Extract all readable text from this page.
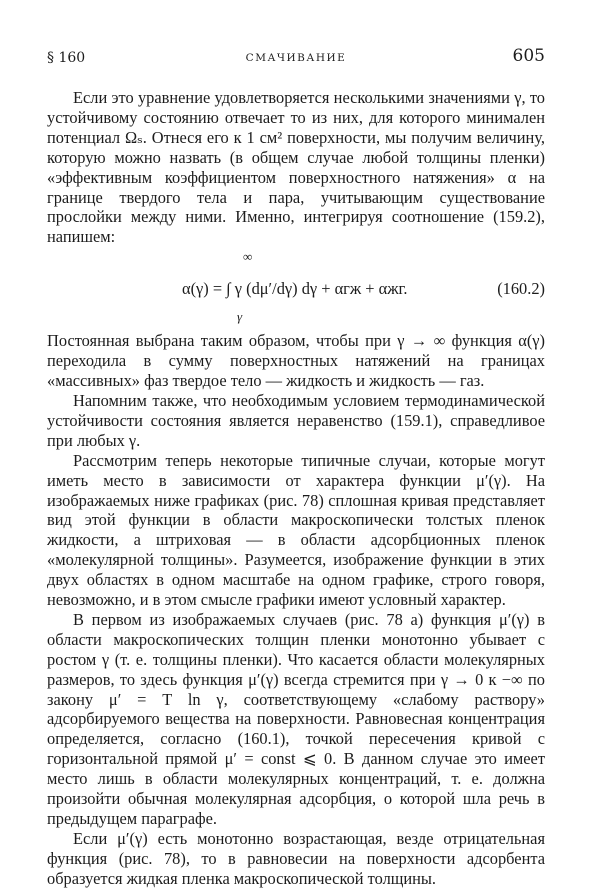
§ 160	СМАЧИВАНИЕ	605

Если это уравнение удовлетворяется несколькими значениями γ, то устойчивому состоянию отвечает то из них, для которого минимален потенциал Ωₛ. Отнеся его к 1 см² поверхности, мы получим величину, которую можно назвать (в общем случае любой толщины пленки) «эффективным коэффициентом поверхностного натяжения» α на границе твердого тела и пара, учитывающим существование прослойки между ними. Именно, интегрируя соотношение (159.2), напишем:

∞
α(γ) = ∫ γ (dμ′/dγ) dγ + αгж + αжг.
γ
(160.2)

Постоянная выбрана таким образом, чтобы при γ → ∞ функция α(γ) переходила в сумму поверхностных натяжений на границах «массивных» фаз твердое тело — жидкость и жидкость — газ.

Напомним также, что необходимым условием термодинамической устойчивости состояния является неравенство (159.1), справедливое при любых γ.

Рассмотрим теперь некоторые типичные случаи, которые могут иметь место в зависимости от характера функции μ′(γ). На изображаемых ниже графиках (рис. 78) сплошная кривая представляет вид этой функции в области макроскопически толстых пленок жидкости, а штриховая — в области адсорбционных пленок «молекулярной толщины». Разумеется, изображение функции в этих двух областях в одном масштабе на одном графике, строго говоря, невозможно, и в этом смысле графики имеют условный характер.

В первом из изображаемых случаев (рис. 78 а) функция μ′(γ) в области макроскопических толщин пленки монотонно убывает с ростом γ (т. е. толщины пленки). Что касается области молекулярных размеров, то здесь функция μ′(γ) всегда стремится при γ → 0 к −∞ по закону μ′ = T ln γ, соответствующему «слабому раствору» адсорбируемого вещества на поверхности. Равновесная концентрация определяется, согласно (160.1), точкой пересечения кривой с горизонтальной прямой μ′ = const ⩽ 0. В данном случае это имеет место лишь в области молекулярных концентраций, т. е. должна произойти обычная молекулярная адсорбция, о которой шла речь в предыдущем параграфе.

Если μ′(γ) есть монотонно возрастающая, везде отрицательная функция (рис. 78), то в равновесии на поверхности адсорбента образуется жидкая пленка макроскопической толщины.
